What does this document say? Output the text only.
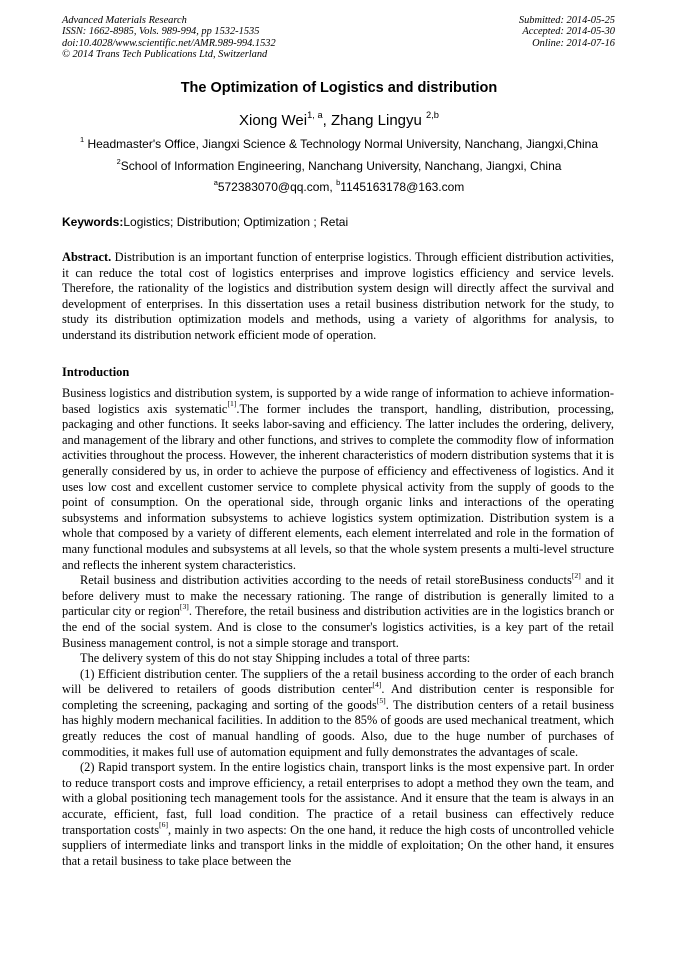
Advanced Materials Research
ISSN: 1662-8985, Vols. 989-994, pp 1532-1535
doi:10.4028/www.scientific.net/AMR.989-994.1532
© 2014 Trans Tech Publications Ltd, Switzerland
Submitted: 2014-05-25
Accepted: 2014-05-30
Online: 2014-07-16
The Optimization of Logistics and distribution
Xiong Wei$^{1, a}$, Zhang Lingyu $^{2,b}$
$^1$ Headmaster's Office, Jiangxi Science & Technology Normal University, Nanchang, Jiangxi,China
$^2$School of Information Engineering, Nanchang University, Nanchang, Jiangxi, China
$^a$572383070@qq.com, $^b$1145163178@163.com
Keywords:Logistics; Distribution; Optimization ; Retai
Abstract. Distribution is an important function of enterprise logistics. Through efficient distribution activities, it can reduce the total cost of logistics enterprises and improve logistics efficiency and service levels. Therefore, the rationality of the logistics and distribution system design will directly affect the survival and development of enterprises. In this dissertation uses a retail business distribution network for the study, to study its distribution optimization models and methods, using a variety of algorithms for analysis, to understand its distribution network efficient mode of operation.
Introduction

Business logistics and distribution system, is supported by a wide range of information to achieve information-based logistics axis systematic[1].The former includes the transport, handling, distribution, processing, packaging and other functions. It seeks labor-saving and efficiency. The latter includes the ordering, delivery, and management of the library and other functions, and strives to complete the commodity flow of information activities throughout the process. However, the inherent characteristics of modern distribution systems that it is generally considered by us, in order to achieve the purpose of efficiency and effectiveness of logistics. And it uses low cost and excellent customer service to complete physical activity from the supply of goods to the point of consumption. On the operational side, through organic links and interactions of the operating subsystems and information subsystems to achieve logistics system optimization. Distribution system is a whole that composed by a variety of different elements, each element interrelated and role in the formation of many functional modules and subsystems at all levels, so that the whole system presents a multi-level structure and reflects the inherent system characteristics.

Retail business and distribution activities according to the needs of retail storeBusiness conducts[2] and it before delivery must to make the necessary rationing. The range of distribution is generally limited to a particular city or region[3]. Therefore, the retail business and distribution activities are in the logistics branch or the end of the social system. And is close to the consumer's logistics activities, is a key part of the retail Business management control, is not a simple storage and transport.

The delivery system of this do not stay Shipping includes a total of three parts:

(1) Efficient distribution center. The suppliers of the a retail business according to the order of each branch will be delivered to retailers of goods distribution center[4]. And distribution center is responsible for completing the screening, packaging and sorting of the goods[5]. The distribution centers of a retail business has highly modern mechanical facilities. In addition to the 85% of goods are used mechanical treatment, which greatly reduces the cost of manual handling of goods. Also, due to the huge number of purchases of commodities, it makes full use of automation equipment and fully demonstrates the advantages of scale.

(2) Rapid transport system. In the entire logistics chain, transport links is the most expensive part. In order to reduce transport costs and improve efficiency, a retail enterprises to adopt a method they own the team, and with a global positioning tech management tools for the assistance. And it ensure that the team is always in an accurate, efficient, fast, full load condition. The practice of a retail business can effectively reduce transportation costs[6], mainly in two aspects: On the one hand, it reduce the high costs of uncontrolled vehicle suppliers of intermediate links and transport links in the middle of exploitation; On the other hand, it ensures that a retail business to take place between the
